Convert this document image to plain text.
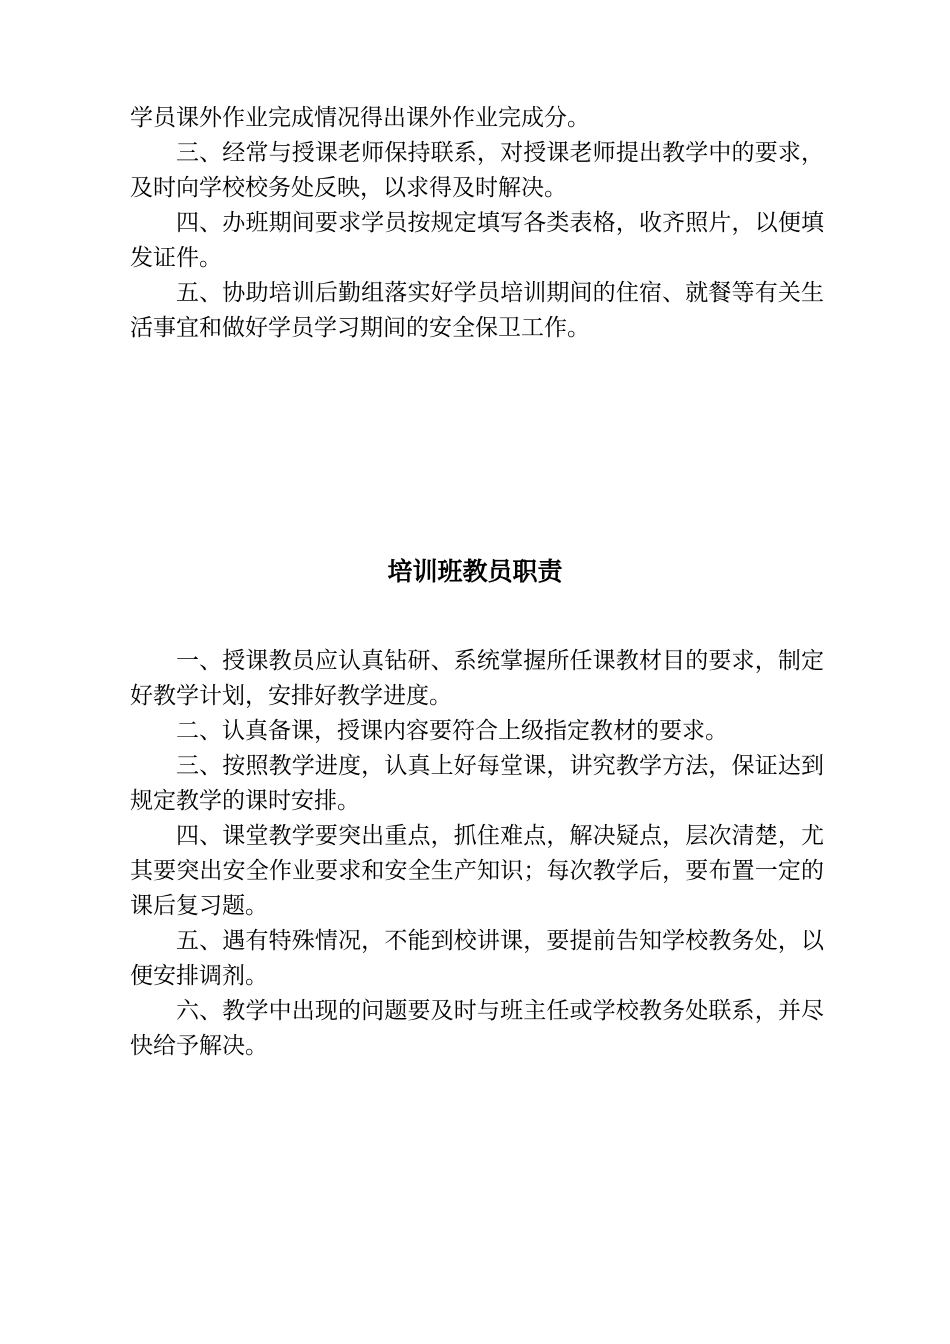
学员课外作业完成情况得出课外作业完成分。

三、经常与授课老师保持联系，对授课老师提出教学中的要求，及时向学校校务处反映，以求得及时解决。

四、办班期间要求学员按规定填写各类表格，收齐照片，以便填发证件。

五、协助培训后勤组落实好学员培训期间的住宿、就餐等有关生活事宜和做好学员学习期间的安全保卫工作。

培训班教员职责

一、授课教员应认真钻研、系统掌握所任课教材目的要求，制定好教学计划，安排好教学进度。

二、认真备课，授课内容要符合上级指定教材的要求。

三、按照教学进度，认真上好每堂课，讲究教学方法，保证达到规定教学的课时安排。

四、课堂教学要突出重点，抓住难点，解决疑点，层次清楚，尤其要突出安全作业要求和安全生产知识；每次教学后，要布置一定的课后复习题。

五、遇有特殊情况，不能到校讲课，要提前告知学校教务处，以便安排调剂。

六、教学中出现的问题要及时与班主任或学校教务处联系，并尽快给予解决。
